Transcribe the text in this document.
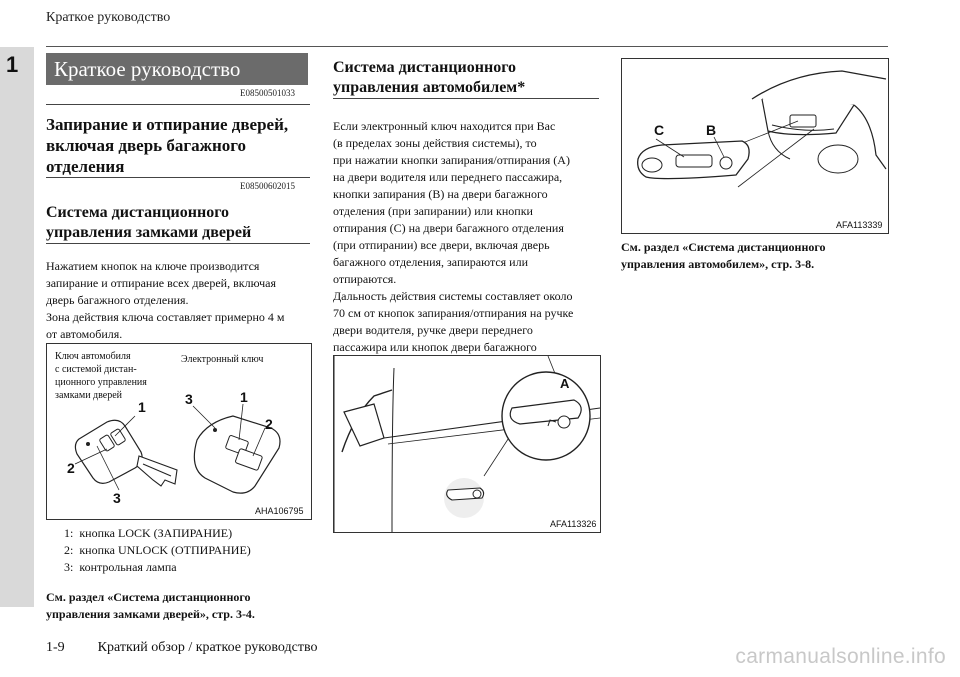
Краткое руководство
1	Краткое руководство
E08500501033
Запирание и отпирание дверей, включая дверь багажного отделения
E08500602015
Система дистанционного управления замками дверей
Нажатием кнопок на ключе производится
запирание и отпирание всех дверей, включая
дверь багажного отделения.
Зона действия ключа составляет примерно 4 м
от автомобиля.
Ключ автомобиля
с системой дистан-
ционного управления
замками дверей
Электронный ключ
1
2
3
3	1
2
AHA106795
1: кнопка LOCK (ЗАПИРАНИЕ)
2: кнопка UNLOCK (ОТПИРАНИЕ)
3: контрольная лампа
См. раздел «Система дистанционного
управления замками дверей», стр. 3-4.
Система дистанционного управления автомобилем*
Если электронный ключ находится при Вас
(в пределах зоны действия системы), то
при нажатии кнопки запирания/отпирания (A)
на двери водителя или переднего пассажира,
кнопки запирания (B) на двери багажного
отделения (при запирании) или кнопки
отпирания (C) на двери багажного отделения
(при отпирании) все двери, включая дверь
багажного отделения, запираются или
отпираются.
Дальность действия системы составляет около
70 см от кнопок запирания/отпирания на ручке
двери водителя, ручке двери переднего
пассажира или кнопок двери багажного

A
AFA113326
C	B
AFA113339
См. раздел «Система дистанционного
управления автомобилем», стр. 3-8.
1-9 Краткий обзор / краткое руководство	carmanualsonline.info
